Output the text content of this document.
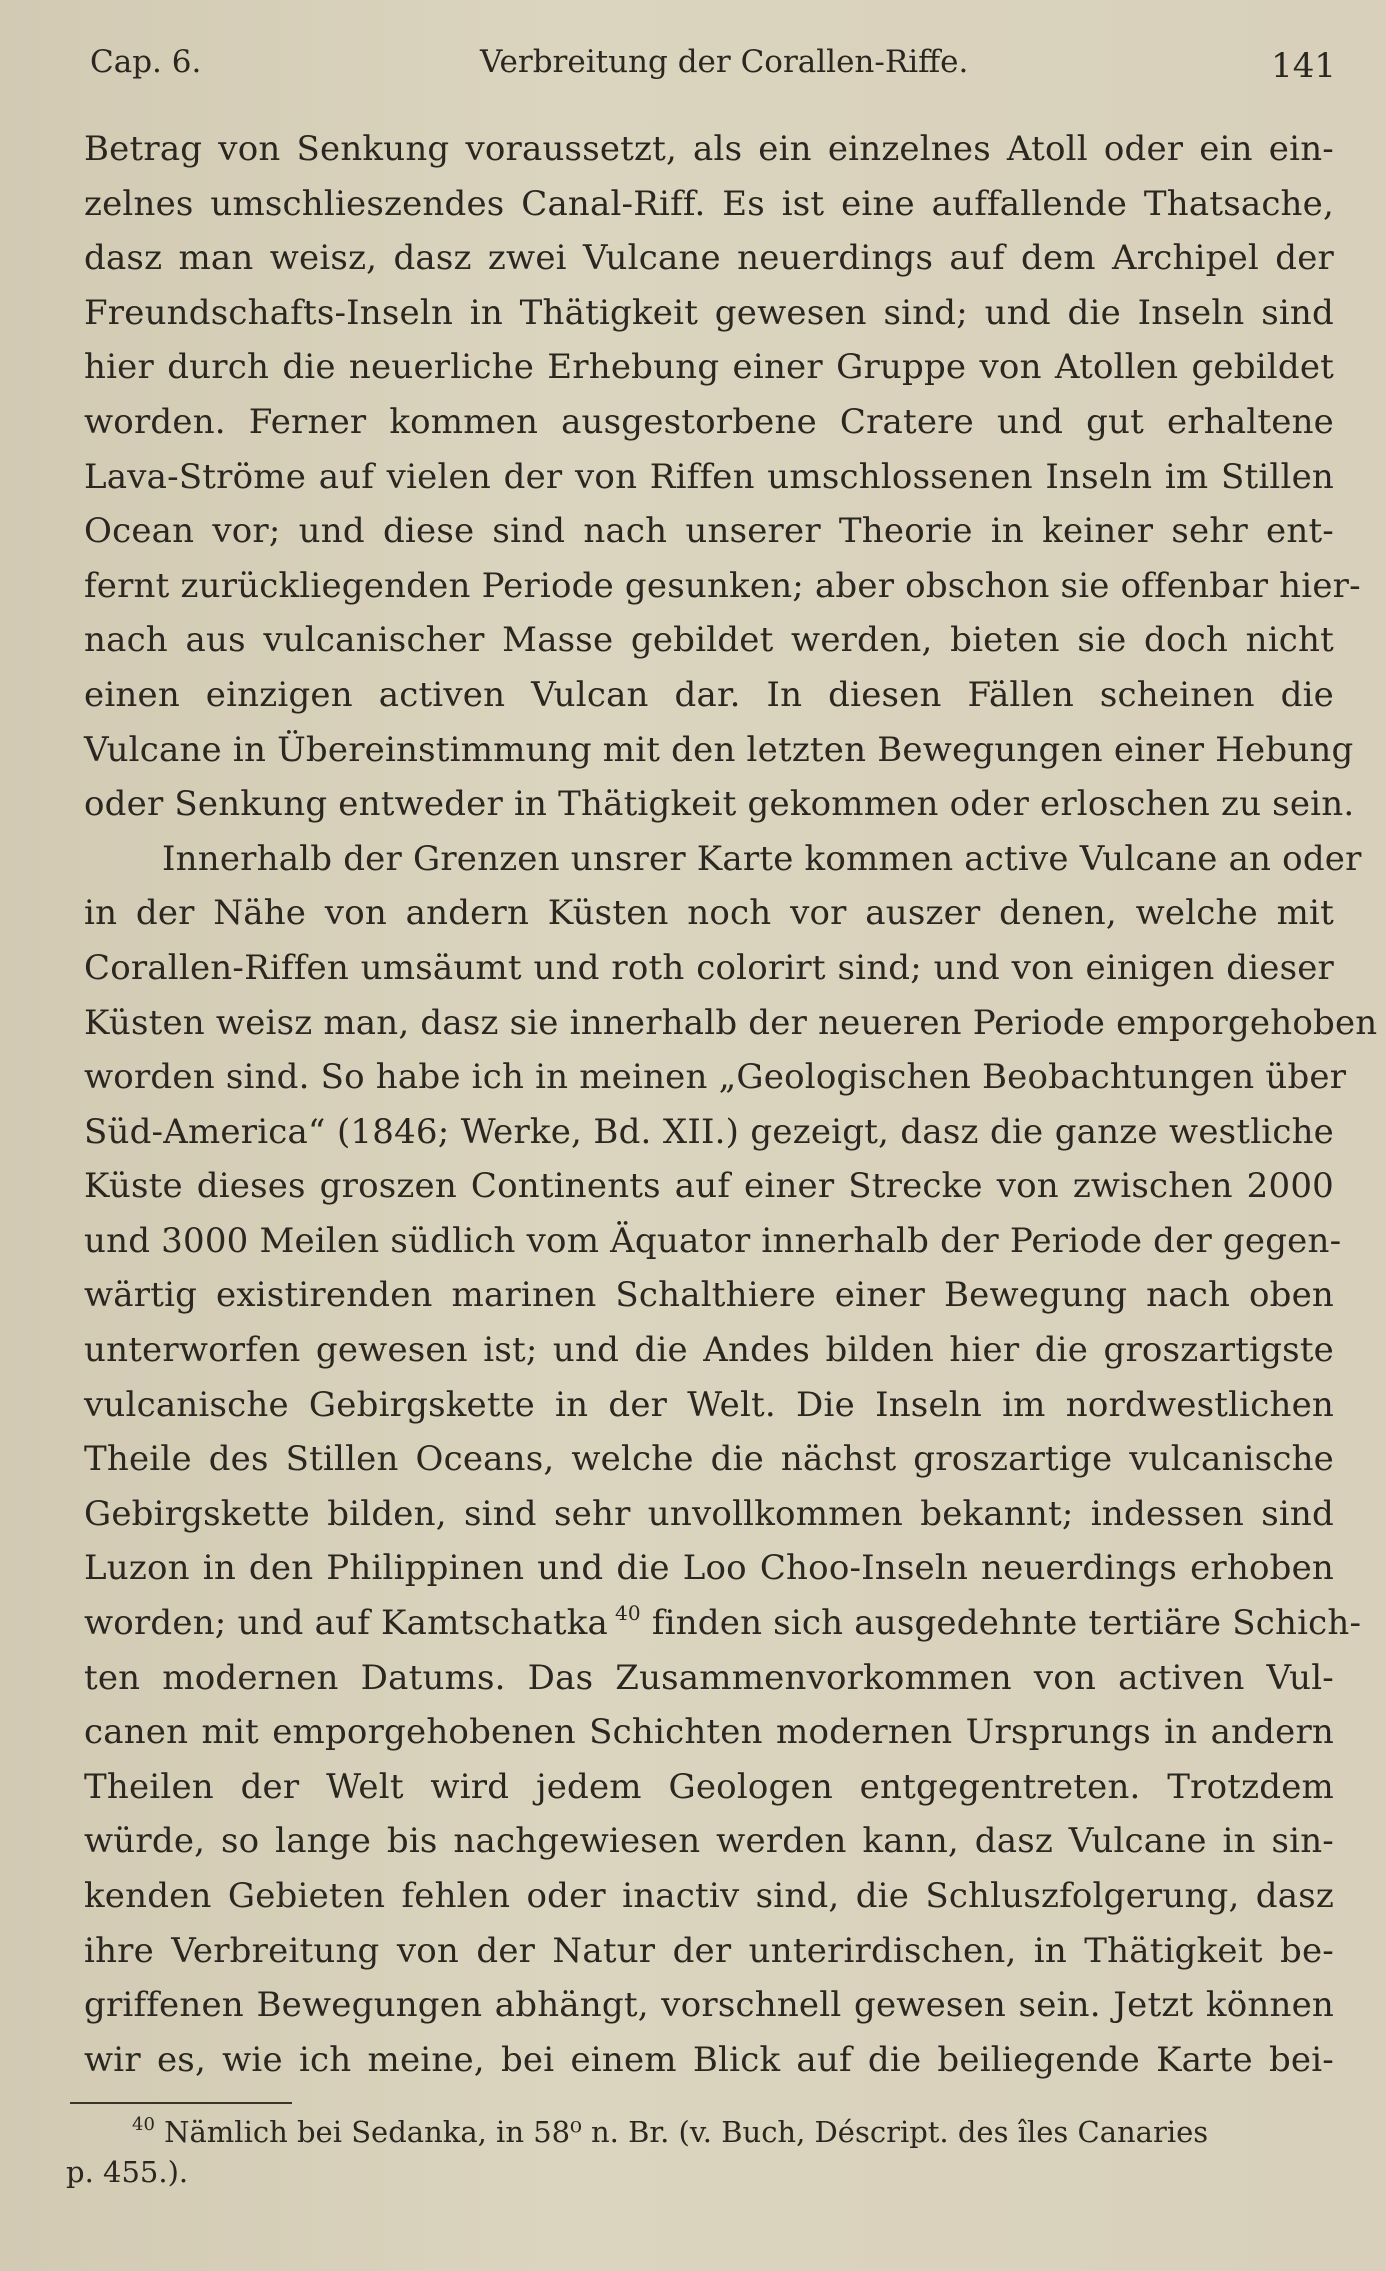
Cap. 6.	Verbreitung der Corallen-Riffe.	141
Betrag von Senkung voraussetzt, als ein einzelnes Atoll oder ein ein-
zelnes umschlieszendes Canal-Riff. Es ist eine auffallende Thatsache,
dasz man weisz, dasz zwei Vulcane neuerdings auf dem Archipel der
Freundschafts-Inseln in Thätigkeit gewesen sind; und die Inseln sind
hier durch die neuerliche Erhebung einer Gruppe von Atollen gebildet
worden. Ferner kommen ausgestorbene Cratere und gut erhaltene
Lava-Ströme auf vielen der von Riffen umschlossenen Inseln im Stillen
Ocean vor; und diese sind nach unserer Theorie in keiner sehr ent-
fernt zurückliegenden Periode gesunken; aber obschon sie offenbar hier-
nach aus vulcanischer Masse gebildet werden, bieten sie doch nicht
einen einzigen activen Vulcan dar. In diesen Fällen scheinen die
Vulcane in Übereinstimmung mit den letzten Bewegungen einer Hebung
oder Senkung entweder in Thätigkeit gekommen oder erloschen zu sein.
Innerhalb der Grenzen unsrer Karte kommen active Vulcane an oder
in der Nähe von andern Küsten noch vor auszer denen, welche mit
Corallen-Riffen umsäumt und roth colorirt sind; und von einigen dieser
Küsten weisz man, dasz sie innerhalb der neueren Periode emporgehoben
worden sind. So habe ich in meinen „Geologischen Beobachtungen über
Süd-America“ (1846; Werke, Bd. XII.) gezeigt, dasz die ganze westliche
Küste dieses groszen Continents auf einer Strecke von zwischen 2000
und 3000 Meilen südlich vom Äquator innerhalb der Periode der gegen-
wärtig existirenden marinen Schalthiere einer Bewegung nach oben
unterworfen gewesen ist; und die Andes bilden hier die groszartigste
vulcanische Gebirgskette in der Welt. Die Inseln im nordwestlichen
Theile des Stillen Oceans, welche die nächst groszartige vulcanische
Gebirgskette bilden, sind sehr unvollkommen bekannt; indessen sind
Luzon in den Philippinen und die Loo Choo-Inseln neuerdings erhoben
worden; und auf Kamtschatka  $^{40}$ finden sich ausgedehnte tertiäre Schich-
ten modernen Datums. Das Zusammenvorkommen von activen Vul-
canen mit emporgehobenen Schichten modernen Ursprungs in andern
Theilen der Welt wird jedem Geologen entgegentreten. Trotzdem
würde, so lange bis nachgewiesen werden kann, dasz Vulcane in sin-
kenden Gebieten fehlen oder inactiv sind, die Schluszfolgerung, dasz
ihre Verbreitung von der Natur der unterirdischen, in Thätigkeit be-
griffenen Bewegungen abhängt, vorschnell gewesen sein. Jetzt können
wir es, wie ich meine, bei einem Blick auf die beiliegende Karte bei-
$^{40}$ Nämlich bei Sedanka, in 58⁰ n. Br. (v. Buch, Déscript. des îles Canaries
p. 455.).
